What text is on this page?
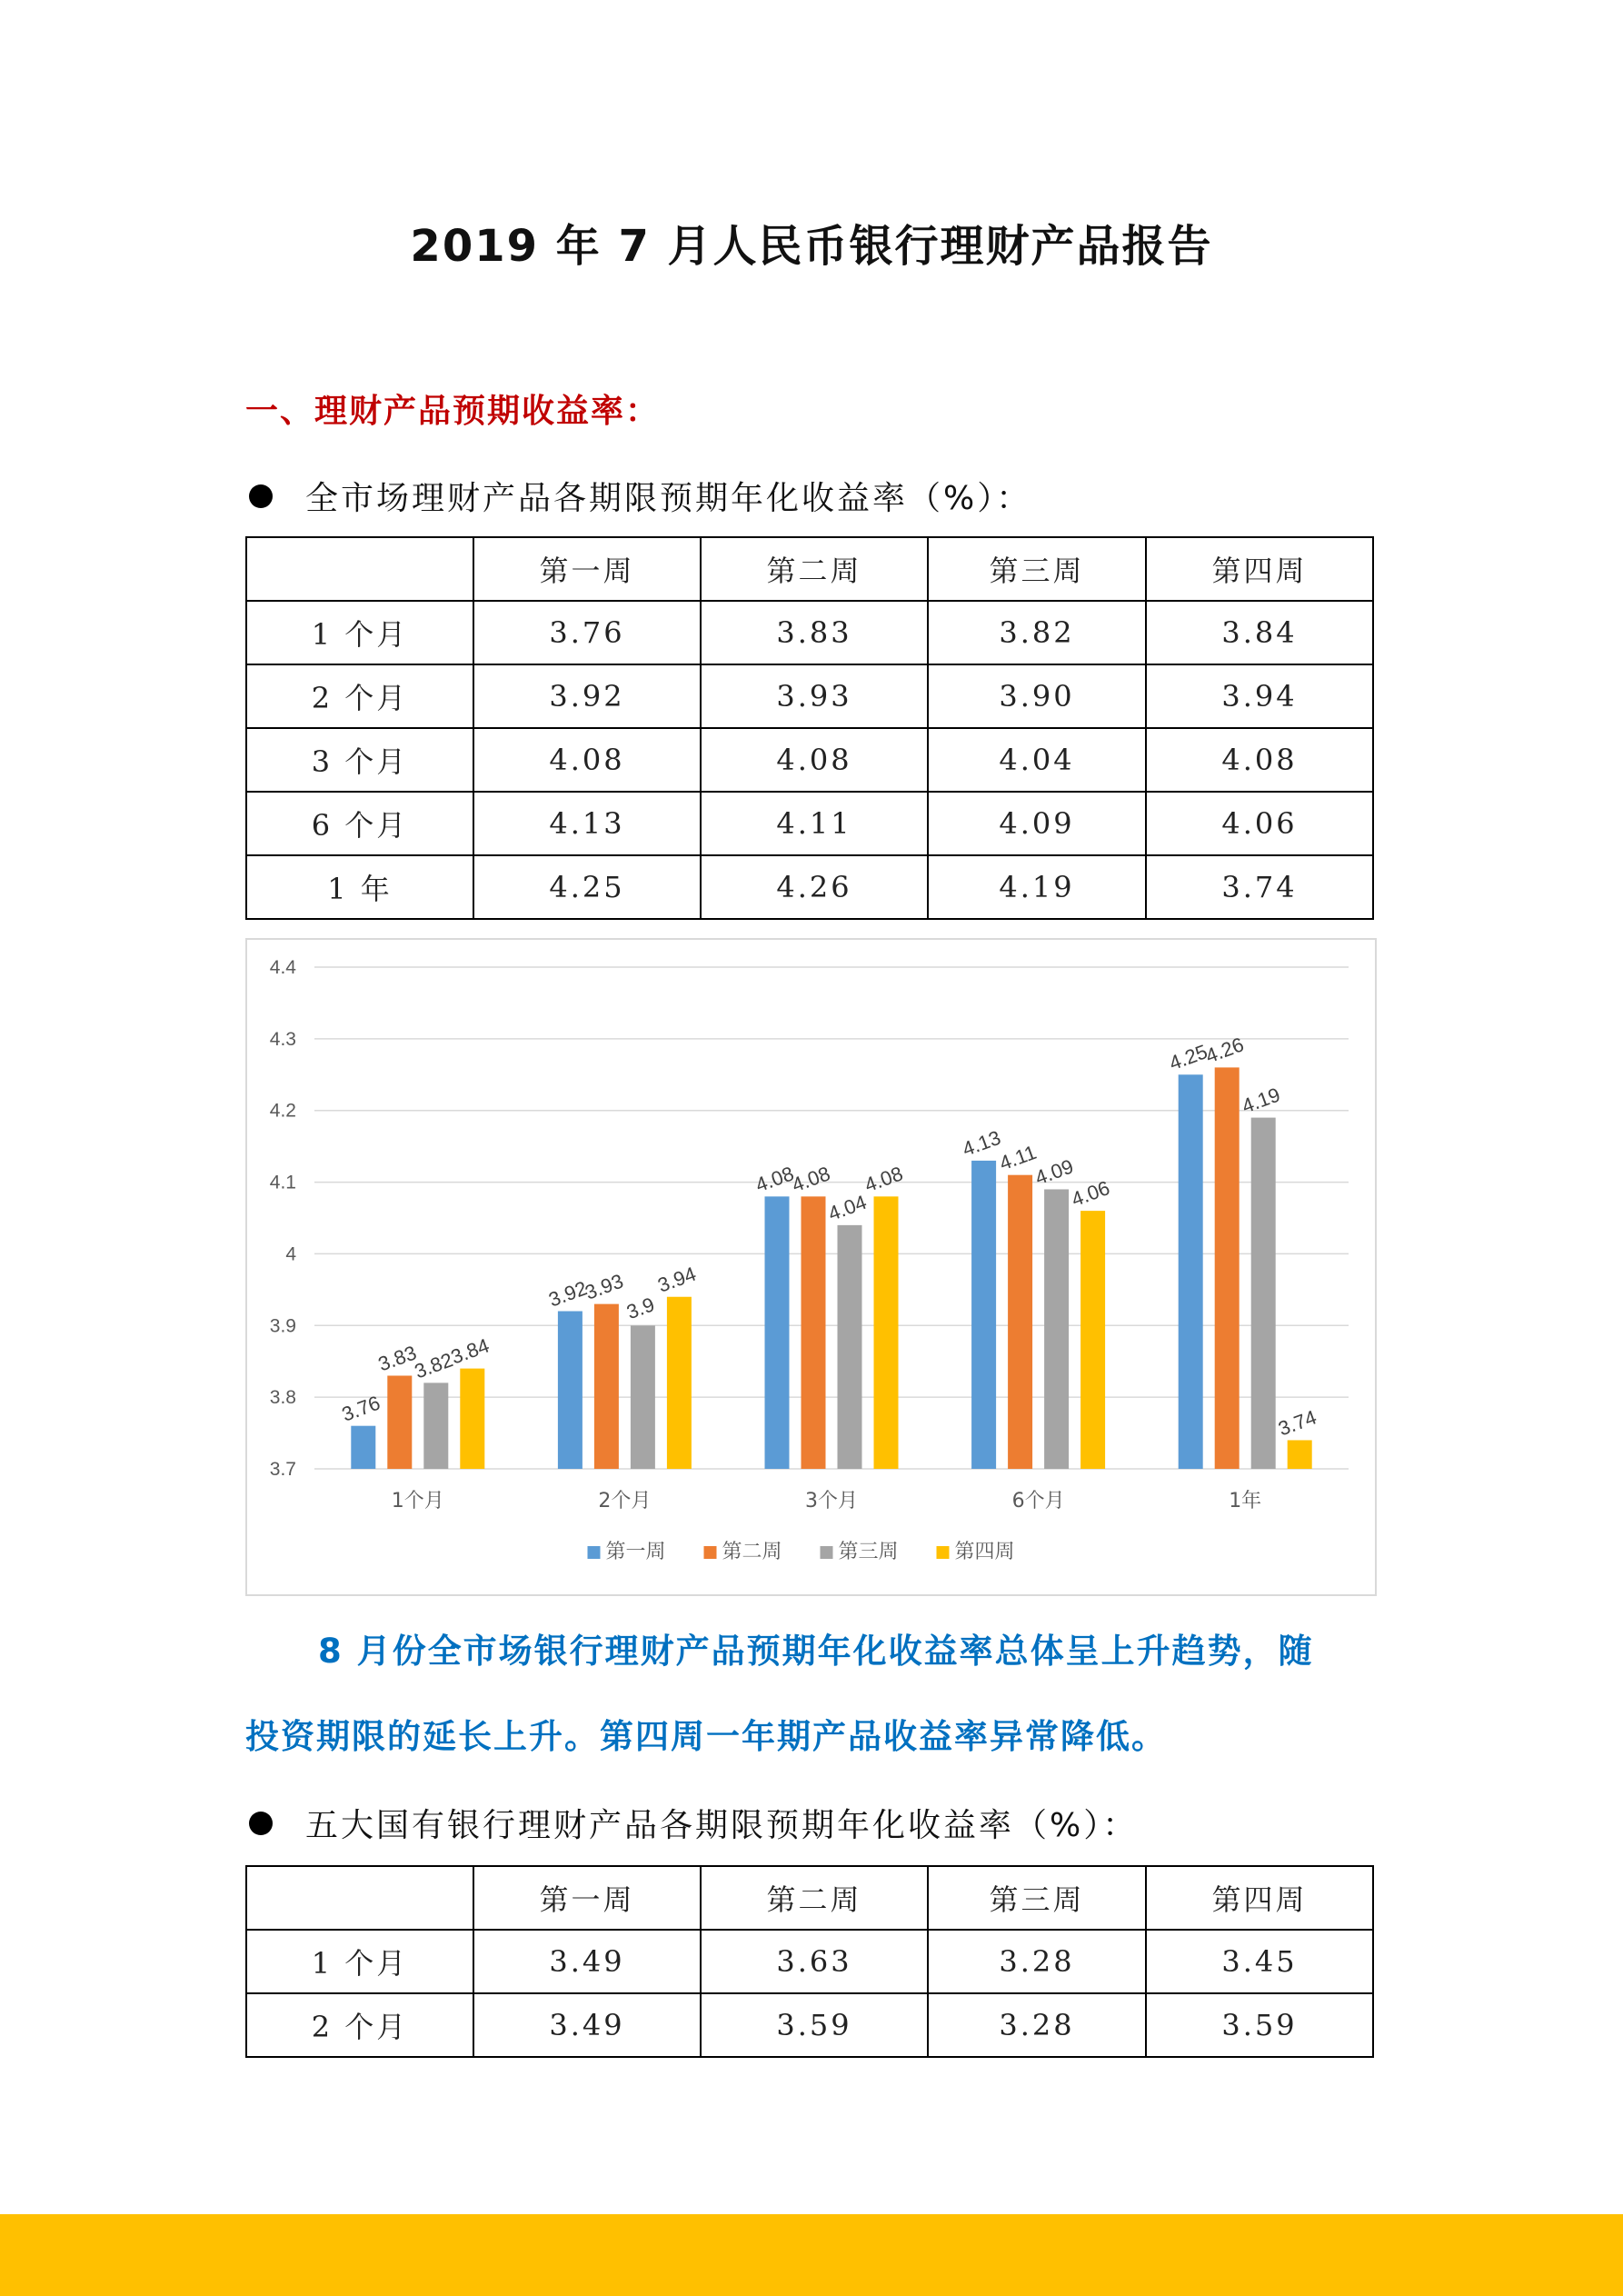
2019 年 7 月人民币银行理财产品报告
一、理财产品预期收益率：
全市场理财产品各期限预期年化收益率（%）：
	第一周	第二周	第三周	第四周
1 个月	3.76	3.83	3.82	3.84
2 个月	3.92	3.93	3.90	3.94
3 个月	4.08	4.08	4.04	4.08
6 个月	4.13	4.11	4.09	4.06
1 年	4.25	4.26	4.19	3.74
3.7
3.8
3.9
4
4.1
4.2
4.3
4.4
3.76
3.83
3.82
3.84
1个月
3.92
3.93
3.9
3.94
2个月
4.08
4.08
4.04
4.08
3个月
4.13
4.11
4.09
4.06
6个月
4.25
4.26
4.19
3.74
1年
第一周	第二周	第三周	第四周
8 月份全市场银行理财产品预期年化收益率总体呈上升趋势，随
投资期限的延长上升。第四周一年期产品收益率异常降低。
五大国有银行理财产品各期限预期年化收益率（%）：
	第一周	第二周	第三周	第四周
1 个月	3.49	3.63	3.28	3.45
2 个月	3.49	3.59	3.28	3.59
